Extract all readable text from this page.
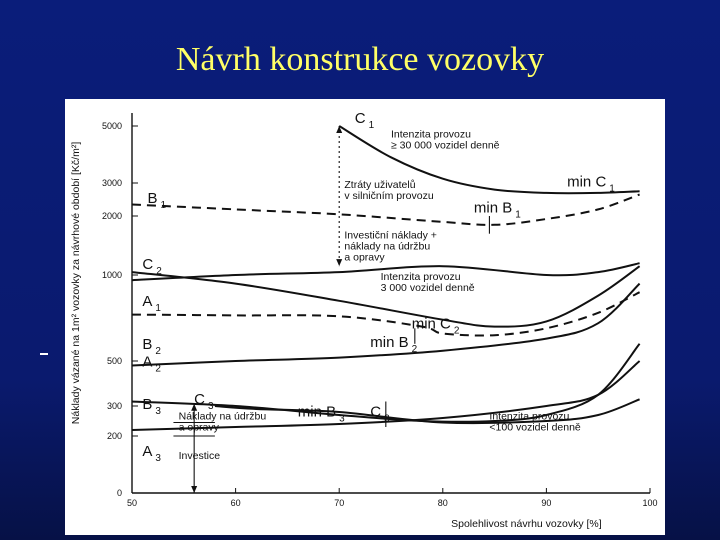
Návrh konstrukce vozovky
C $_1$
B $_1$
C $_2$
A $_1$
B $_2$
A $_2$
C $_3$
B $_3$
A $_3$
min C $_1$
min B $_1$
min C $_2$
min B $_2$
min B $_3$ C $_3$
Intenzita provozu ≥ 30 000 vozidel denně
Ztráty uživatelů v silničním provozu
Investiční náklady + náklady na údržbu a opravy
Intenzita provozu 3 000 vozidel denně
Náklady na údržbu a opravy
Intenzita provozu <100 vozidel denně
Investice
0
200
300
500
1000
2000
3000
5000
50	60	70	80	90	100
Spolehlivost návrhu vozovky [%]
Náklady vázané na 1m² vozovky za návrhové období [Kč/m²]
